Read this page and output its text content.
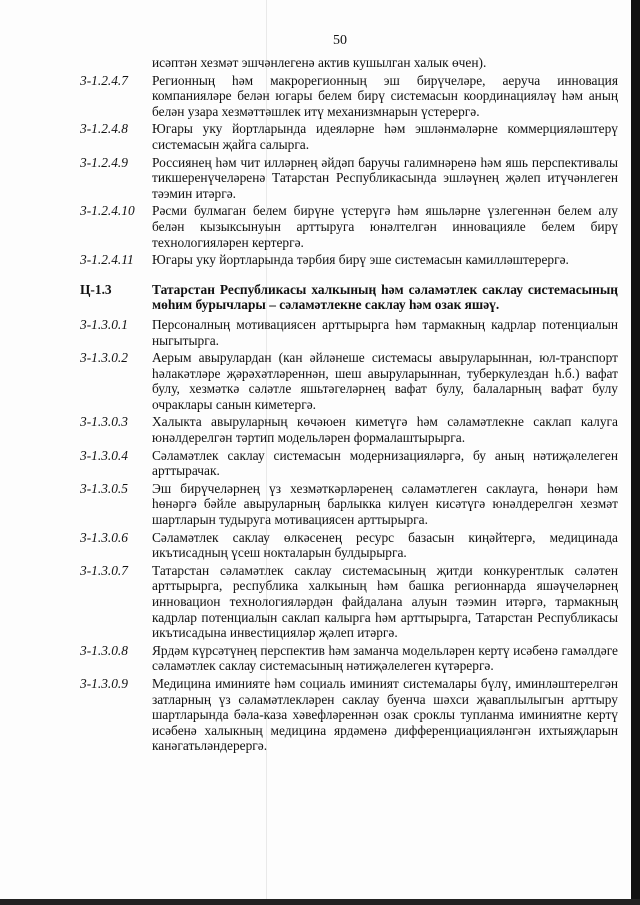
50
исәптән хезмәт эшчәнлегенә актив кушылган халык өчен).
3-1.2.4.7	Регионның һәм макрорегионның эш бирүчеләре, аеруча инновация компанияләре белән югары белем бирү системасын координацияләү һәм аның белән узара хезмәттәшлек итү механизмнарын үстерергә.
3-1.2.4.8	Югары уку йортларында идеяләрне һәм эшләнмәләрне коммерцияләштерү системасын җайга салырга.
3-1.2.4.9	Россиянең һәм чит илләрнең әйдәп баручы галимнәренә һәм яшь перспективалы тикшеренүчеләренә Татарстан Республикасында эшләүнең җәлеп итүчәнлеген тәэмин итәргә.
3-1.2.4.10	Рәсми булмаган белем бирүне үстерүгә һәм яшьләрне үзлегеннән белем алу белән кызыксынуын арттыруга юнәлтелгән инновацияле белем бирү технологияләрен кертергә.
3-1.2.4.11	Югары уку йортларында тәрбия бирү эше системасын камилләштерергә.
Ц-1.3	Татарстан Республикасы халкының һәм сәламәтлек саклау системасының мөһим бурычлары – сәламәтлекне саклау һәм озак яшәү.
3-1.3.0.1	Персоналның мотивациясен арттырырга һәм тармакның кадрлар потенциалын ныгытырга.
3-1.3.0.2	Аерым авырулардан (кан әйләнеше системасы авыруларыннан, юл-транспорт һәлакәтләре җәрәхәтләреннән, шеш авыруларыннан, туберкулездан һ.б.) вафат булу, хезмәткә сәләтле яшьтәгеләрнең вафат булу, балаларның вафат булу очраклары санын киметергә.
3-1.3.0.3	Халыкта авыруларның көчәюен киметүгә һәм сәламәтлекне саклап калуга юнәлдерелгән тәртип модельләрен формалаштырырга.
3-1.3.0.4	Сәламәтлек саклау системасын модернизацияләргә, бу аның нәтиҗәлелеген арттырачак.
3-1.3.0.5	Эш бирүчеләрнең үз хезмәткәрләренең сәламәтлеген саклауга, һөнәри һәм һөнәргә бәйле авыруларның барлыкка килүен кисәтүгә юнәлдерелгән хезмәт шартларын тудыруга мотивациясен арттырырга.
3-1.3.0.6	Сәламәтлек саклау өлкәсенең ресурс базасын киңәйтергә, медицинада икътисадның үсеш нокталарын булдырырга.
3-1.3.0.7	Татарстан сәламәтлек саклау системасының җитди конкурентлык сәләтен арттырырга, республика халкының һәм башка регионнарда яшәүчеләрнең инновацион технологияләрдән файдалана алуын тәэмин итәргә, тармакның кадрлар потенциалын саклап калырга һәм арттырырга, Татарстан Республикасы икътисадына инвестицияләр җәлеп итәргә.
3-1.3.0.8	Ярдәм күрсәтүнең перспектив һәм заманча модельләрен кертү исәбенә гамәлдәге сәламәтлек саклау системасының нәтиҗәлелеген күтәрергә.
3-1.3.0.9	Медицина иминияте һәм социаль иминият системалары бүлү, иминләштерелгән затларның үз сәламәтлекләрен саклау буенча шәхси җаваплылыгын арттыру шартларында бәла-каза хәвефләреннән озак сроклы тупланма иминиятнe кертү исәбенә халыкның медицина ярдәменә дифференциацияләнгән ихтыяҗларын канәгатьләндерергә.
